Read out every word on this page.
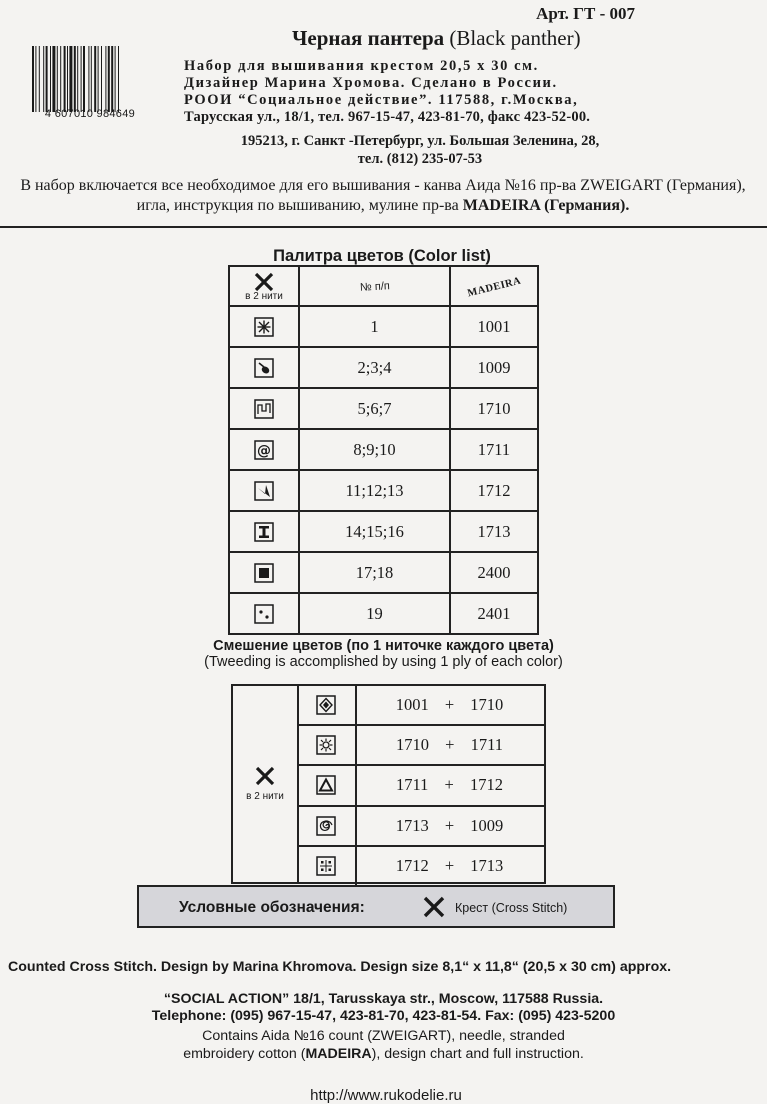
Арт. ГТ - 007
Черная пантера (Black panther)
4 607010 984649
Набор для вышивания крестом 20,5 х 30 см.
Дизайнер Марина Хромова. Сделано в России.
РООИ “Социальное действие”. 117588, г.Москва,
Тарусская ул., 18/1, тел. 967-15-47, 423-81-70, факс 423-52-00.
195213, г. Санкт -Петербург, ул. Большая Зеленина, 28,
тел. (812) 235-07-53
В набор включается все необходимое для его вышивания - канва Аида №16 пр-ва ZWEIGART (Германия), игла, инструкция по вышиванию, мулине пр-ва MADEIRA (Германия).
Палитра цветов (Color list)
в 2 нити	№ п/п	MADEIRA

	1	1001

	2;3;4	1009

	5;6;7	1710

@	8;9;10	1711

	11;12;13	1712

	14;15;16	1713

	17;18	2400

	19	2401
Смешение цветов (по 1 ниточке каждого цвета)
(Tweeding is accomplished by using 1 ply of each color)
в 2 нити
1001 + 1710
1710 + 1711
1711 + 1712
1713 + 1009
1712 + 1713
Условные обозначения:	Крест (Cross Stitch)
Counted Cross Stitch. Design by Marina Khromova. Design size 8,1“ x 11,8“ (20,5 x 30 cm) approx.
“SOCIAL ACTION” 18/1, Tarusskaya str., Moscow, 117588 Russia.
Telephone: (095) 967-15-47, 423-81-70, 423-81-54. Fax: (095) 423-5200
Contains Aida №16 count (ZWEIGART), needle, stranded
embroidery cotton (MADEIRA), design chart and full instruction.
http://www.rukodelie.ru
